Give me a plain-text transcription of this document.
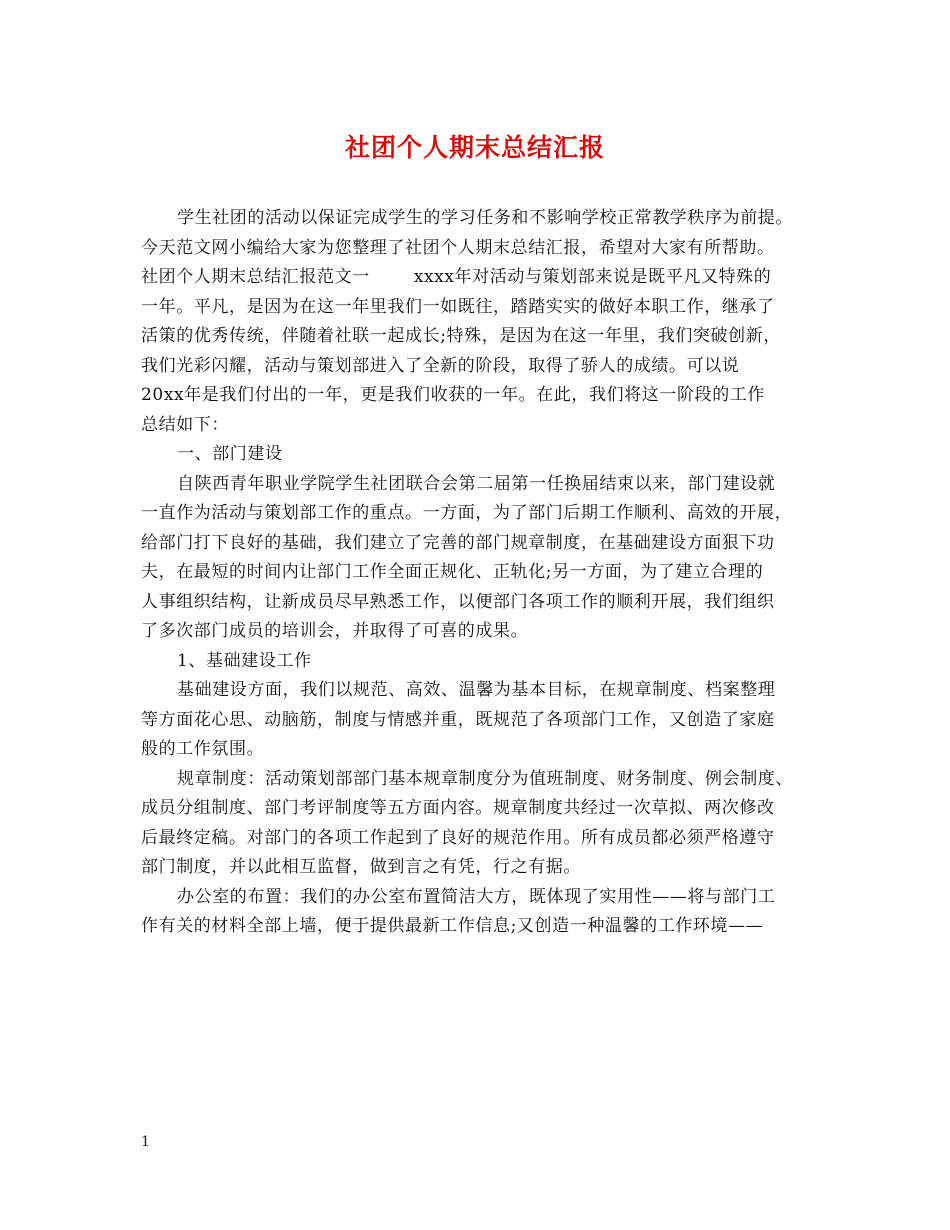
社团个人期末总结汇报

学生社团的活动以保证完成学生的学习任务和不影响学校正常教学秩序为前提。

今天范文网小编给大家为您整理了社团个人期末总结汇报，希望对大家有所帮助。

社团个人期末总结汇报范文一	xxxx年对活动与策划部来说是既平凡又特殊的

一年。平凡，是因为在这一年里我们一如既往，踏踏实实的做好本职工作，继承了

活策的优秀传统，伴随着社联一起成长;特殊，是因为在这一年里，我们突破创新，

我们光彩闪耀，活动与策划部进入了全新的阶段，取得了骄人的成绩。可以说

20xx年是我们付出的一年，更是我们收获的一年。在此，我们将这一阶段的工作

总结如下：

一、部门建设

自陕西青年职业学院学生社团联合会第二届第一任换届结束以来，部门建设就

一直作为活动与策划部工作的重点。一方面，为了部门后期工作顺利、高效的开展，

给部门打下良好的基础，我们建立了完善的部门规章制度，在基础建设方面狠下功

夫，在最短的时间内让部门工作全面正规化、正轨化;另一方面，为了建立合理的

人事组织结构，让新成员尽早熟悉工作，以便部门各项工作的顺利开展，我们组织

了多次部门成员的培训会，并取得了可喜的成果。

1、基础建设工作

基础建设方面，我们以规范、高效、温馨为基本目标，在规章制度、档案整理

等方面花心思、动脑筋，制度与情感并重，既规范了各项部门工作，又创造了家庭

般的工作氛围。

规章制度：活动策划部部门基本规章制度分为值班制度、财务制度、例会制度、

成员分组制度、部门考评制度等五方面内容。规章制度共经过一次草拟、两次修改

后最终定稿。对部门的各项工作起到了良好的规范作用。所有成员都必须严格遵守

部门制度，并以此相互监督，做到言之有凭，行之有据。

办公室的布置：我们的办公室布置简洁大方，既体现了实用性——将与部门工

作有关的材料全部上墙，便于提供最新工作信息;又创造一种温馨的工作环境——

1
